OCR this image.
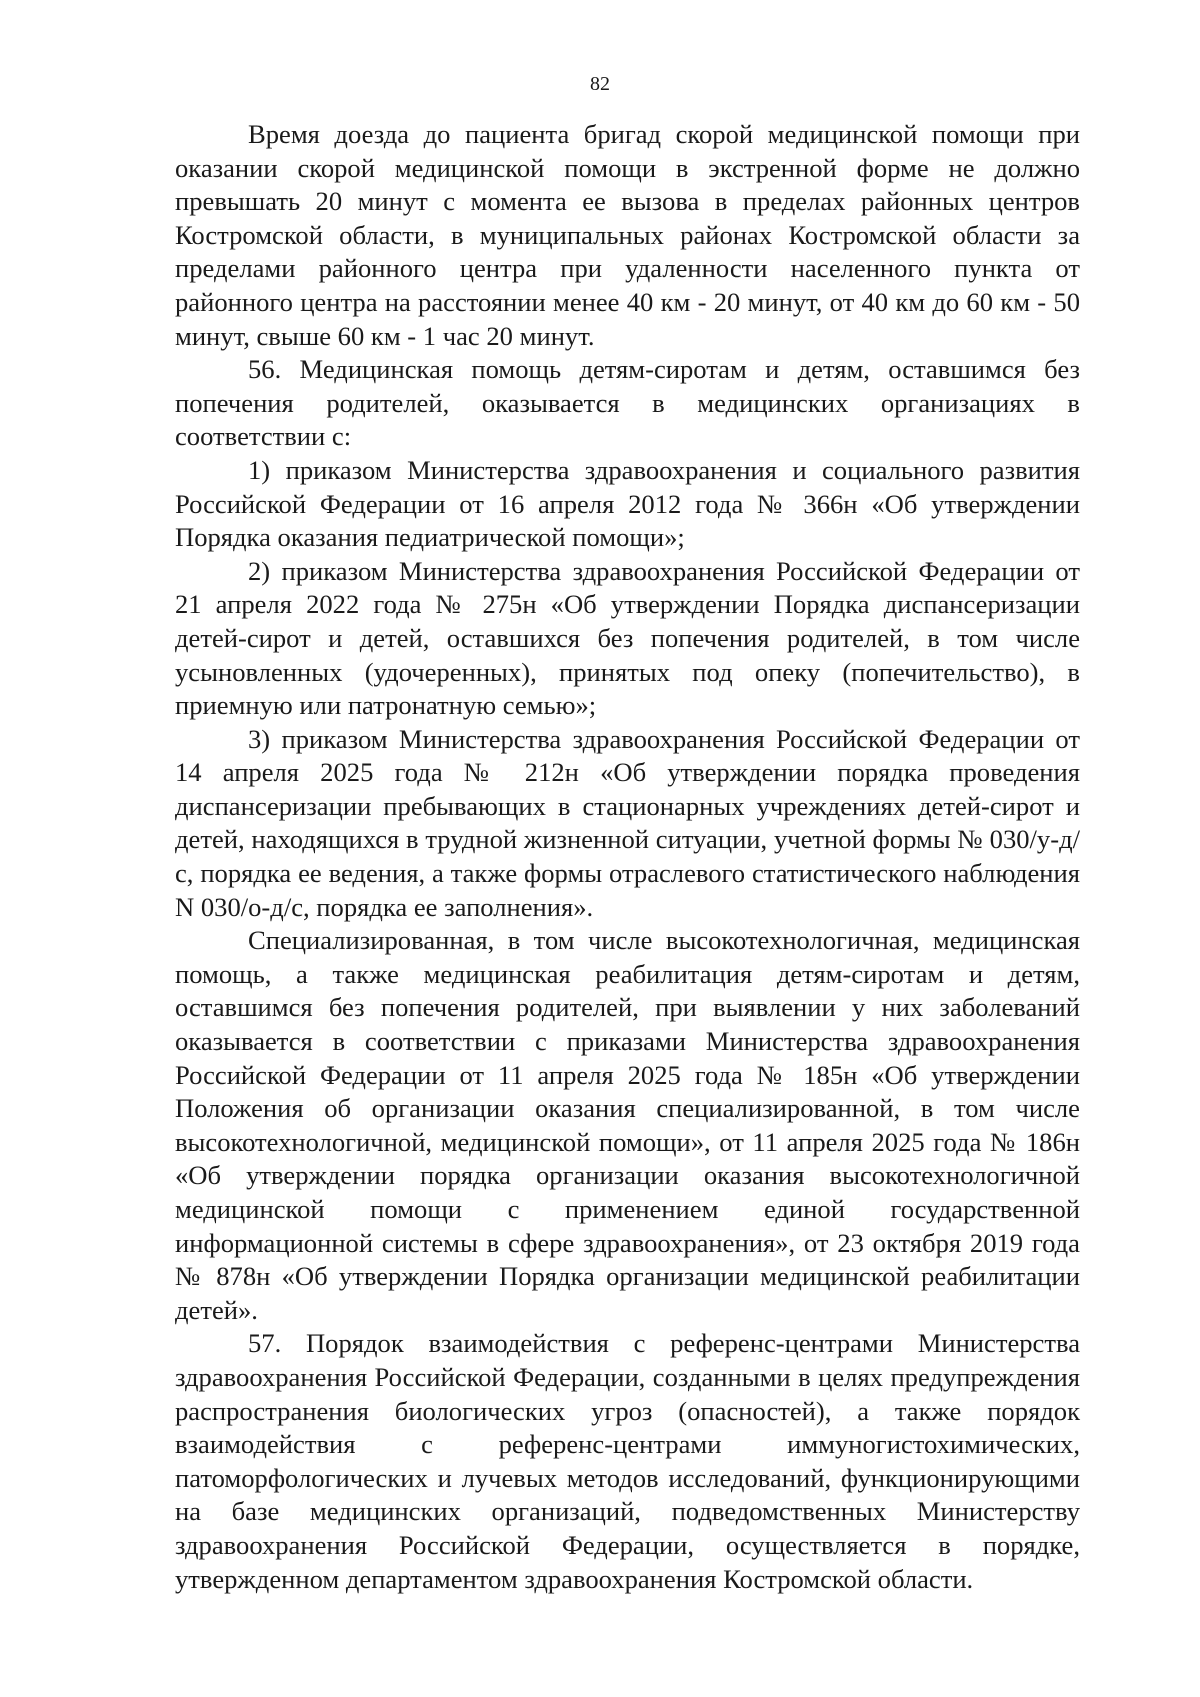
82

Время доезда до пациента бригад скорой медицинской помощи при оказании скорой медицинской помощи в экстренной форме не должно превышать 20 минут с момента ее вызова в пределах районных центров Костромской области, в муниципальных районах Костромской области за пределами районного центра при удаленности населенного пункта от районного центра на расстоянии менее 40 км - 20 минут, от 40 км до 60 км - 50 минут, свыше 60 км - 1 час 20 минут.

56. Медицинская помощь детям-сиротам и детям, оставшимся без попечения родителей, оказывается в медицинских организациях в соответствии с:

1) приказом Министерства здравоохранения и социального развития Российской Федерации от 16 апреля 2012 года № 366н «Об утверждении Порядка оказания педиатрической помощи»;

2) приказом Министерства здравоохранения Российской Федерации от 21 апреля 2022 года № 275н «Об утверждении Порядка диспансеризации детей-сирот и детей, оставшихся без попечения родителей, в том числе усыновленных (удочеренных), принятых под опеку (попечительство), в приемную или патронатную семью»;

3) приказом Министерства здравоохранения Российской Федерации от 14 апреля 2025 года № 212н «Об утверждении порядка проведения диспансеризации пребывающих в стационарных учреждениях детей-сирот и детей, находящихся в трудной жизненной ситуации, учетной формы № 030/у-д/с, порядка ее ведения, а также формы отраслевого статистического наблюдения N 030/о-д/с, порядка ее заполнения».

Специализированная, в том числе высокотехнологичная, медицинская помощь, а также медицинская реабилитация детям-сиротам и детям, оставшимся без попечения родителей, при выявлении у них заболеваний оказывается в соответствии с приказами Министерства здравоохранения Российской Федерации от 11 апреля 2025 года № 185н «Об утверждении Положения об организации оказания специализированной, в том числе высокотехнологичной, медицинской помощи», от 11 апреля 2025 года № 186н «Об утверждении порядка организации оказания высокотехнологичной медицинской помощи с применением единой государственной информационной системы в сфере здравоохранения», от 23 октября 2019 года № 878н «Об утверждении Порядка организации медицинской реабилитации детей».

57. Порядок взаимодействия с референс-центрами Министерства здравоохранения Российской Федерации, созданными в целях предупреждения распространения биологических угроз (опасностей), а также порядок взаимодействия с референс-центрами иммуногистохимических, патоморфологических и лучевых методов исследований, функционирующими на базе медицинских организаций, подведомственных Министерству здравоохранения Российской Федерации, осуществляется в порядке, утвержденном департаментом здравоохранения Костромской области.
